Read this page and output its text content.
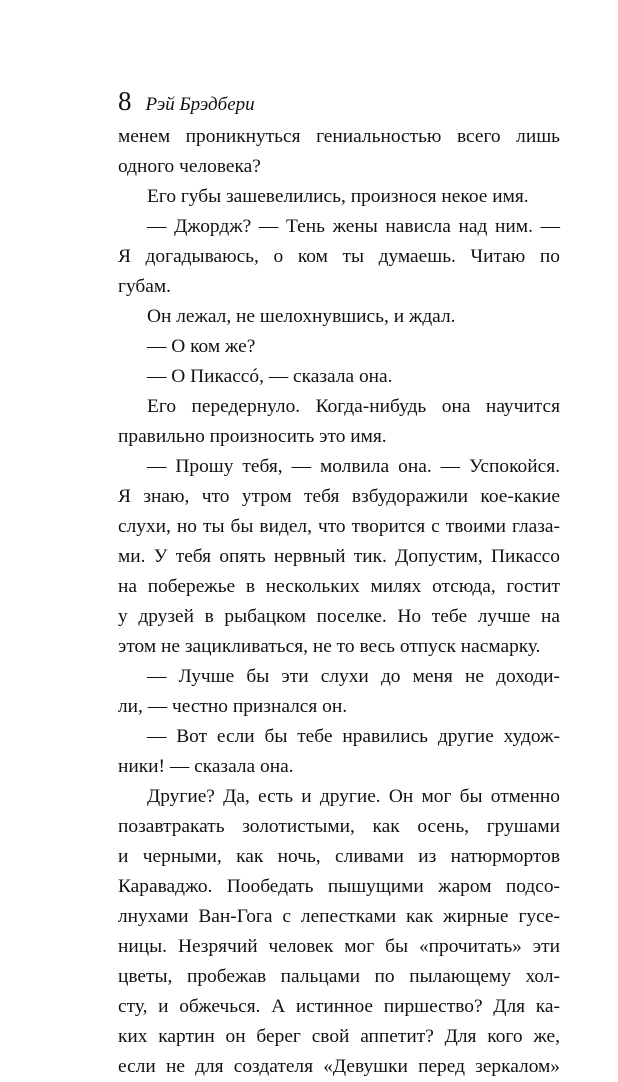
8 Рэй Брэдбери
менем проникнуться гениальностью всего лишь
одного человека?
Его губы зашевелились, произнося некое имя.
— Джордж? — Тень жены нависла над ним. —
Я догадываюсь, о ком ты думаешь. Читаю по
губам.
Он лежал, не шелохнувшись, и ждал.
— О ком же?
— О Пикассó, — сказала она.
Его передернуло. Когда-нибудь она научится
правильно произносить это имя.
— Прошу тебя, — молвила она. — Успокойся.
Я знаю, что утром тебя взбудоражили кое-какие
слухи, но ты бы видел, что творится с твоими глаза-
ми. У тебя опять нервный тик. Допустим, Пикассо
на побережье в нескольких милях отсюда, гостит
у друзей в рыбацком поселке. Но тебе лучше на
этом не зацикливаться, не то весь отпуск насмарку.
— Лучше бы эти слухи до меня не доходи-
ли, — честно признался он.
— Вот если бы тебе нравились другие худож-
ники! — сказала она.
Другие? Да, есть и другие. Он мог бы отменно
позавтракать золотистыми, как осень, грушами
и черными, как ночь, сливами из натюрмортов
Караваджо. Пообедать пышущими жаром подсо-
лнухами Ван-Гога с лепестками как жирные гусе-
ницы. Незрячий человек мог бы «прочитать» эти
цветы, пробежав пальцами по пылающему хол-
сту, и обжечься. А истинное пиршество? Для ка-
ких картин он берег свой аппетит? Для кого же,
если не для создателя «Девушки перед зеркалом»
